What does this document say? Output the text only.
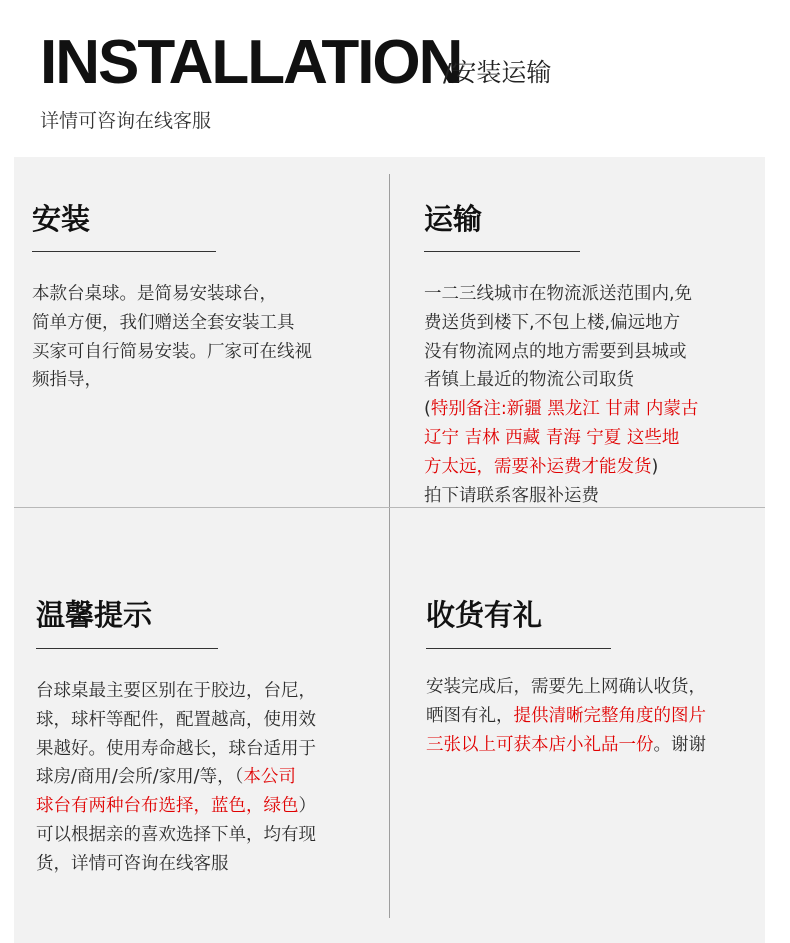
INSTALLATION
/安装运输
详情可咨询在线客服
安装

本款台桌球。是简易安装球台，
简单方便，我们赠送全套安装工具
买家可自行简易安装。厂家可在线视
频指导，

运输

一二三线城市在物流派送范围内,免
费送货到楼下,不包上楼,偏远地方
没有物流网点的地方需要到县城或
者镇上最近的物流公司取货
(特别备注:新疆 黑龙江 甘肃 内蒙古
辽宁 吉林 西藏 青海 宁夏 这些地
方太远，需要补运费才能发货)
拍下请联系客服补运费

温馨提示

台球桌最主要区别在于胶边，台尼，
球，球杆等配件，配置越高，使用效
果越好。使用寿命越长，球台适用于
球房/商用/会所/家用/等，（本公司
球台有两种台布选择，蓝色，绿色）
可以根据亲的喜欢选择下单，均有现
货，详情可咨询在线客服

收货有礼

安装完成后，需要先上网确认收货，
晒图有礼，提供清晰完整角度的图片
三张以上可获本店小礼品一份。谢谢
